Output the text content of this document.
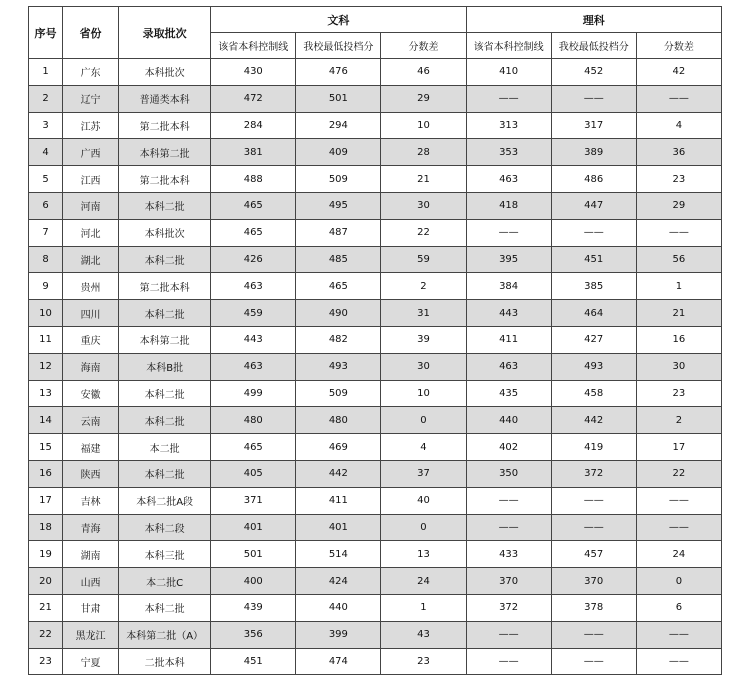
序号	省份	录取批次	文科			理科		
			该省本科控制线	我校最低投档分	分数差	该省本科控制线	我校最低投档分	分数差
1	广东	本科批次	430	476	46	410	452	42
2	辽宁	普通类本科	472	501	29	——	——	——
3	江苏	第二批本科	284	294	10	313	317	4
4	广西	本科第二批	381	409	28	353	389	36
5	江西	第二批本科	488	509	21	463	486	23
6	河南	本科二批	465	495	30	418	447	29
7	河北	本科批次	465	487	22	——	——	——
8	湖北	本科二批	426	485	59	395	451	56
9	贵州	第二批本科	463	465	2	384	385	1
10	四川	本科二批	459	490	31	443	464	21
11	重庆	本科第二批	443	482	39	411	427	16
12	海南	本科B批	463	493	30	463	493	30
13	安徽	本科二批	499	509	10	435	458	23
14	云南	本科二批	480	480	0	440	442	2
15	福建	本二批	465	469	4	402	419	17
16	陕西	本科二批	405	442	37	350	372	22
17	吉林	本科二批A段	371	411	40	——	——	——
18	青海	本科二段	401	401	0	——	——	——
19	湖南	本科三批	501	514	13	433	457	24
20	山西	本二批C	400	424	24	370	370	0
21	甘肃	本科二批	439	440	1	372	378	6
22	黑龙江	本科第二批（A）	356	399	43	——	——	——
23	宁夏	二批本科	451	474	23	——	——	——
